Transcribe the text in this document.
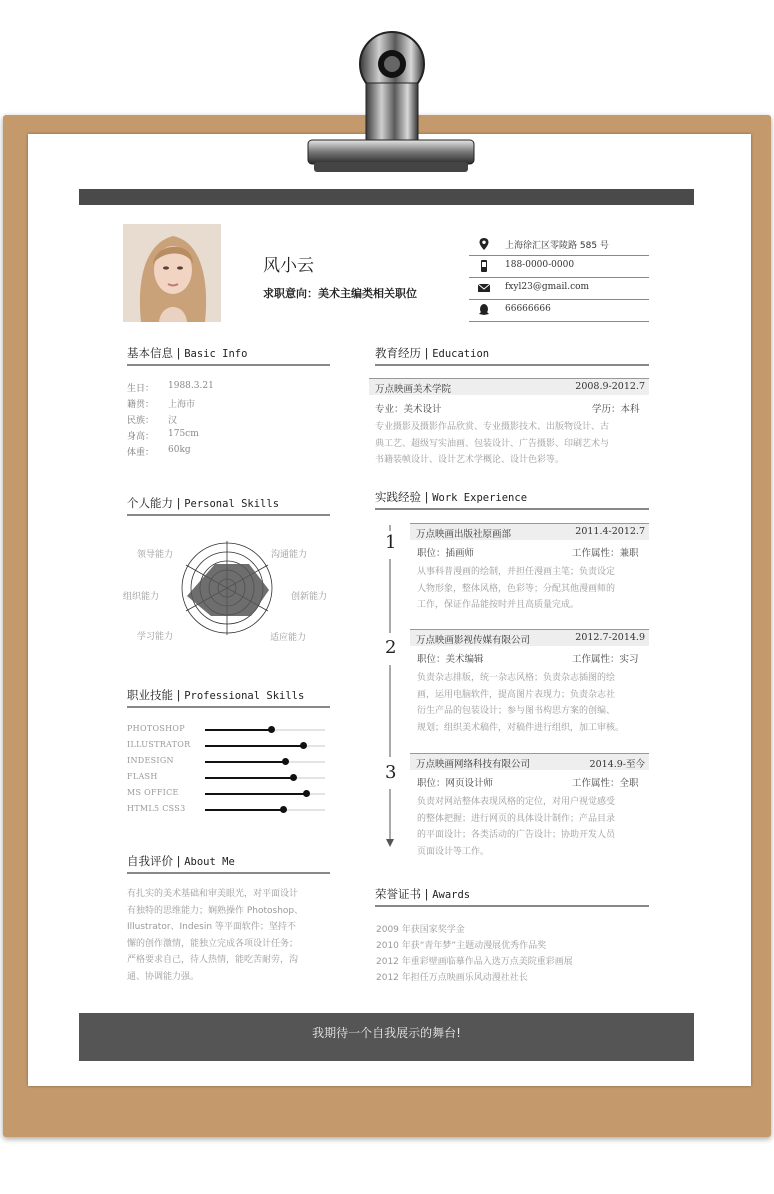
风小云
求职意向：美术主编类相关职位
上海徐汇区零陵路 585 号
188-0000-0000
fxyl23@gmail.com
66666666
基本信息 | Basic Info
生日： 1988.3.21
籍贯： 上海市
民族： 汉
身高： 175cm
体重： 60kg
个人能力 | Personal Skills
领导能力	沟通能力
组织能力	创新能力
学习能力	适应能力
职业技能 | Professional Skills
PHOTOSHOP
ILLUSTRATOR
INDESIGN
FLASH
MS OFFICE
HTML5 CSS3
自我评价 | About Me
有扎实的美术基础和审美眼光，对平面设计
有独特的思维能力；娴熟操作 Photoshop、
Illustrator、Indesin 等平面软件；坚持不
懈的创作激情，能独立完成各项设计任务；
严格要求自己，待人热情，能吃苦耐劳，沟
通、协调能力强。
教育经历 | Education
万点映画美术学院	2008.9-2012.7
专业：美术设计	学历：本科
专业摄影及摄影作品欣赏、专业摄影技术、出版物设计、古
典工艺、超级写实油画、包装设计、广告摄影、印刷艺术与
书籍装帧设计、设计艺术学概论、设计色彩等。
实践经验 | Work Experience
1 万点映画出版社原画部	2011.4-2012.7
职位：插画师	工作属性：兼职
从事科普漫画的绘制，并担任漫画主笔；负责设定
人物形象，整体风格，色彩等；分配其他漫画师的
工作，保证作品能按时并且高质量完成。
2 万点映画影视传媒有限公司	2012.7-2014.9
职位：美术编辑	工作属性：实习
负责杂志排版，统一杂志风格；负责杂志插图的绘
画，运用电脑软件，提高图片表现力；负责杂志社
衍生产品的包装设计；参与图书构思方案的创编、
规划；组织美术稿件，对稿件进行组织，加工审核。
3 万点映画网络科技有限公司	2014.9-至今
职位：网页设计师	工作属性：全职
负责对网站整体表现风格的定位，对用户视觉感受
的整体把握；进行网页的具体设计制作；产品目录
的平面设计；各类活动的广告设计；协助开发人员
页面设计等工作。
荣誉证书 | Awards
2009 年获国家奖学金
2010 年获“青年梦”主题动漫展优秀作品奖
2012 年重彩壁画临摹作品入选万点美院重彩画展
2012 年担任万点映画乐风动漫社社长
我期待一个自我展示的舞台!
